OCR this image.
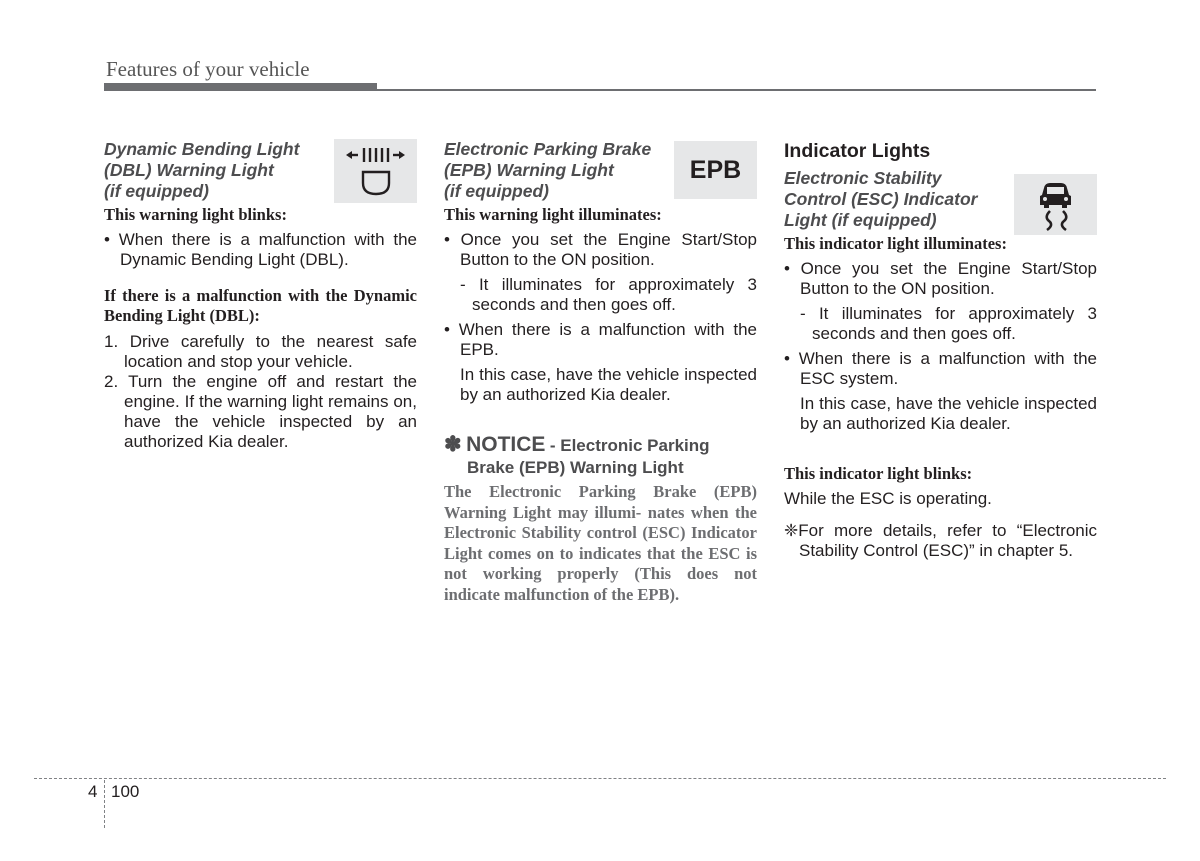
Features of your vehicle
Dynamic Bending Light
(DBL) Warning Light
(if equipped)
This warning light blinks:
• When there is a malfunction with the Dynamic Bending Light (DBL).
If there is a malfunction with the Dynamic Bending Light (DBL):
1. Drive carefully to the nearest safe location and stop your vehicle.
2. Turn the engine off and restart the engine. If the warning light remains on, have the vehicle inspected by an authorized Kia dealer.
Electronic Parking Brake
(EPB) Warning Light
(if equipped)
EPB
This warning light illuminates:
• Once you set the Engine Start/Stop Button to the ON position.
- It illuminates for approximately 3 seconds and then goes off.
• When there is a malfunction with the EPB.
In this case, have the vehicle inspected by an authorized Kia dealer.
✽ NOTICE - Electronic Parking
Brake (EPB) Warning Light
The Electronic Parking Brake (EPB) Warning Light may illumi- nates when the Electronic Stability control (ESC) Indicator Light comes on to indicates that the ESC is not working properly (This does not indicate malfunction of the EPB).
Indicator Lights
Electronic Stability
Control (ESC) Indicator
Light (if equipped)
This indicator light illuminates:
• Once you set the Engine Start/Stop Button to the ON position.
- It illuminates for approximately 3 seconds and then goes off.
• When there is a malfunction with the ESC system.
In this case, have the vehicle inspected by an authorized Kia dealer.
This indicator light blinks:
While the ESC is operating.
❈For more details, refer to “Electronic Stability Control (ESC)” in chapter 5.
4 100
